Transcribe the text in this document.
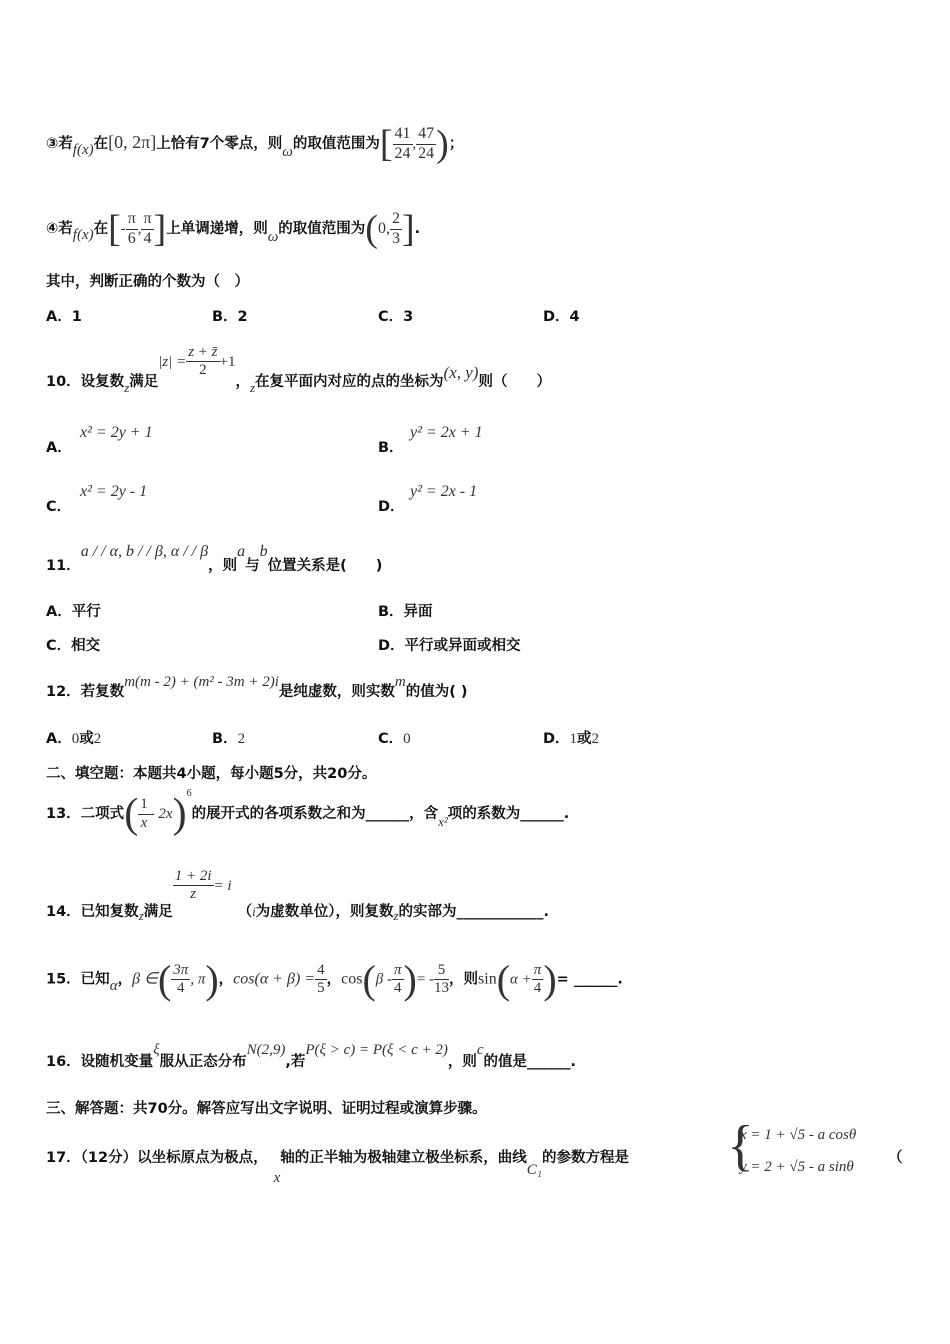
③若f(x)在[0, 2π]上恰有7个零点，则ω的取值范围为[ $\frac{41}{24}$ , $\frac{47}{24}$ )；
④若f(x)在[- $\frac{\pi}{6}$ , $\frac{\pi}{4}$ ]上单调递增，则ω的取值范围为(0, $\frac{2}{3}$ ].
其中，判断正确的个数为（　）
A．1	B．2	C．3	D．4
10．设复数z满足$|z| = \frac{z + z̄}{2} +1$，z在复平面内对应的点的坐标为(x, y)则（　　）
A．
x² = 2y + 1
B．
y² = 2x + 1
C．
x² = 2y - 1
D．
y² = 2x - 1
11．a / / α, b / / β, α / / β，则a与b位置关系是(　　)
A．平行	B．异面
C．相交	D．平行或异面或相交
12．若复数m(m - 2) + (m² - 3m + 2)i是纯虚数，则实数m的值为( )
A．0或2	B．2	C．0	D．1或2
二、填空题：本题共4小题，每小题5分，共20分。
13．二项式( $\frac{1}{x} - 2x)^6$的展开式的各项系数之和为______，含x²项的系数为______.
14．已知复数z满足
$\frac{1 + 2i}{z} = i(i$为虚数单位），则复数z的实部为____________.
15．已知α，β ∈( $\frac{3\pi}{4}$ , π)，$\cos(\alpha + \beta) = \frac{4}{5}$ ，$\cos(\beta - \frac{\pi}{4}$ )= - $\frac{5}{13}$ ，则$\sin(\alpha + \frac{\pi}{4}$ )= ______.
16．设随机变量ξ服从正态分布N(2,9),若P(ξ > c) = P(ξ < c + 2)，则c的值是______.
三、解答题：共70分。解答应写出文字说明、证明过程或演算步骤。
17．（12分）以坐标原点为极点，x轴的正半轴为极轴建立极坐标系，曲线C₁的参数方程是 {
x = 1 + √5 - a cosθ
y = 2 + √5 - a sinθ
（
